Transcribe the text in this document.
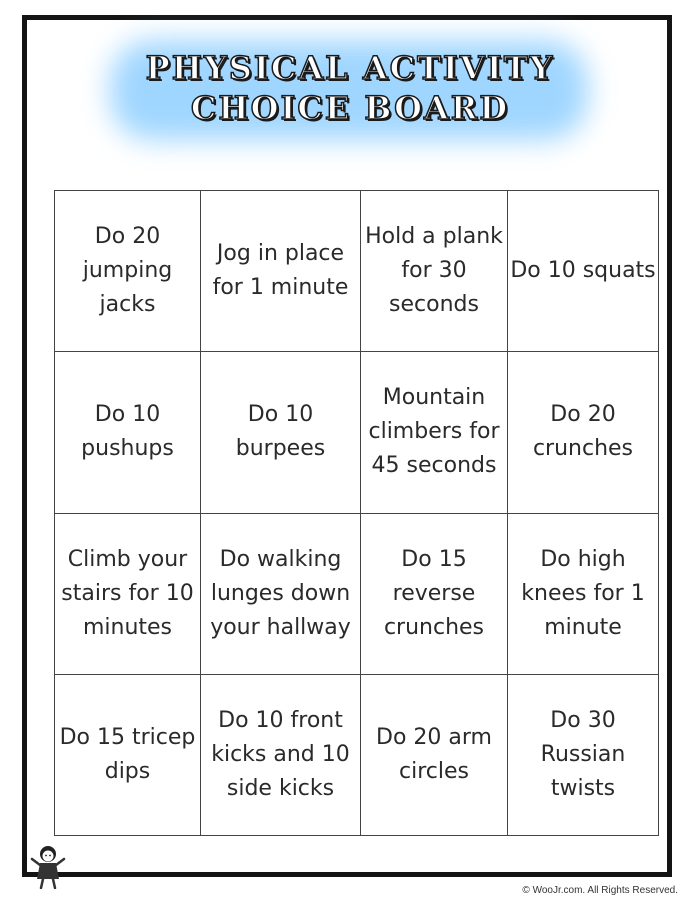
PHYSICAL ACTIVITY
CHOICE BOARD
Do 20 jumping jacks	Jog in place for 1 minute	Hold a plank for 30 seconds	Do 10 squats
Do 10 pushups	Do 10 burpees	Mountain climbers for 45 seconds	Do 20 crunches
Climb your stairs for 10 minutes	Do walking lunges down your hallway	Do 15 reverse crunches	Do high knees for 1 minute
Do 15 tricep dips	Do 10 front kicks and 10 side kicks	Do 20 arm circles	Do 30 Russian twists
© WooJr.com. All Rights Reserved.
